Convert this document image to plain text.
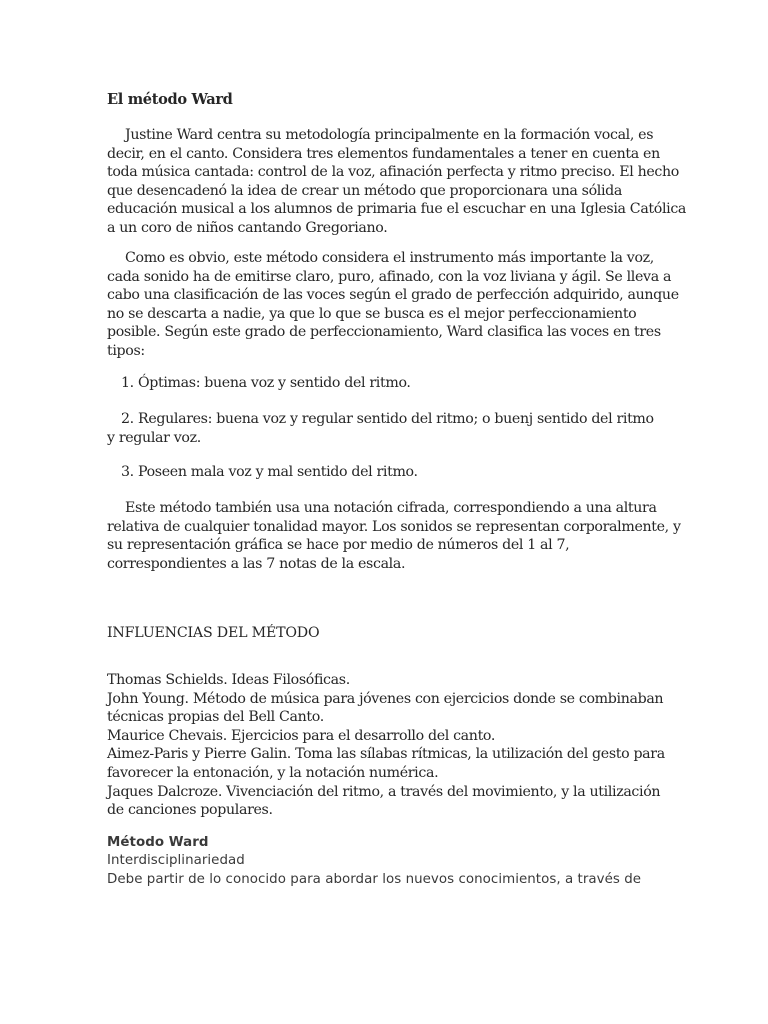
El método Ward
Justine Ward centra su metodología principalmente en la formación vocal, es
decir, en el canto. Considera tres elementos fundamentales a tener en cuenta en
toda música cantada: control de la voz, afinación perfecta y ritmo preciso. El hecho
que desencadenó la idea de crear un método que proporcionara una sólida
educación musical a los alumnos de primaria fue el escuchar en una Iglesia Católica
a un coro de niños cantando Gregoriano.
Como es obvio, este método considera el instrumento más importante la voz,
cada sonido ha de emitirse claro, puro, afinado, con la voz liviana y ágil. Se lleva a
cabo una clasificación de las voces según el grado de perfección adquirido, aunque
no se descarta a nadie, ya que lo que se busca es el mejor perfeccionamiento
posible. Según este grado de perfeccionamiento, Ward clasifica las voces en tres
tipos:
1. Óptimas: buena voz y sentido del ritmo.
2. Regulares: buena voz y regular sentido del ritmo; o buenj sentido del ritmo
y regular voz.
3. Poseen mala voz y mal sentido del ritmo.
Este método también usa una notación cifrada, correspondiendo a una altura
relativa de cualquier tonalidad mayor. Los sonidos se representan corporalmente, y
su representación gráfica se hace por medio de números del 1 al 7,
correspondientes a las 7 notas de la escala.
INFLUENCIAS DEL MÉTODO
Thomas Schields. Ideas Filosóficas.
John Young. Método de música para jóvenes con ejercicios donde se combinaban
técnicas propias del Bell Canto.
Maurice Chevais. Ejercicios para el desarrollo del canto.
Aimez-Paris y Pierre Galin. Toma las sílabas rítmicas, la utilización del gesto para
favorecer la entonación, y la notación numérica.
Jaques Dalcroze. Vivenciación del ritmo, a través del movimiento, y la utilización
de canciones populares.
Método Ward
Interdisciplinariedad
Debe partir de lo conocido para abordar los nuevos conocimientos, a través de
